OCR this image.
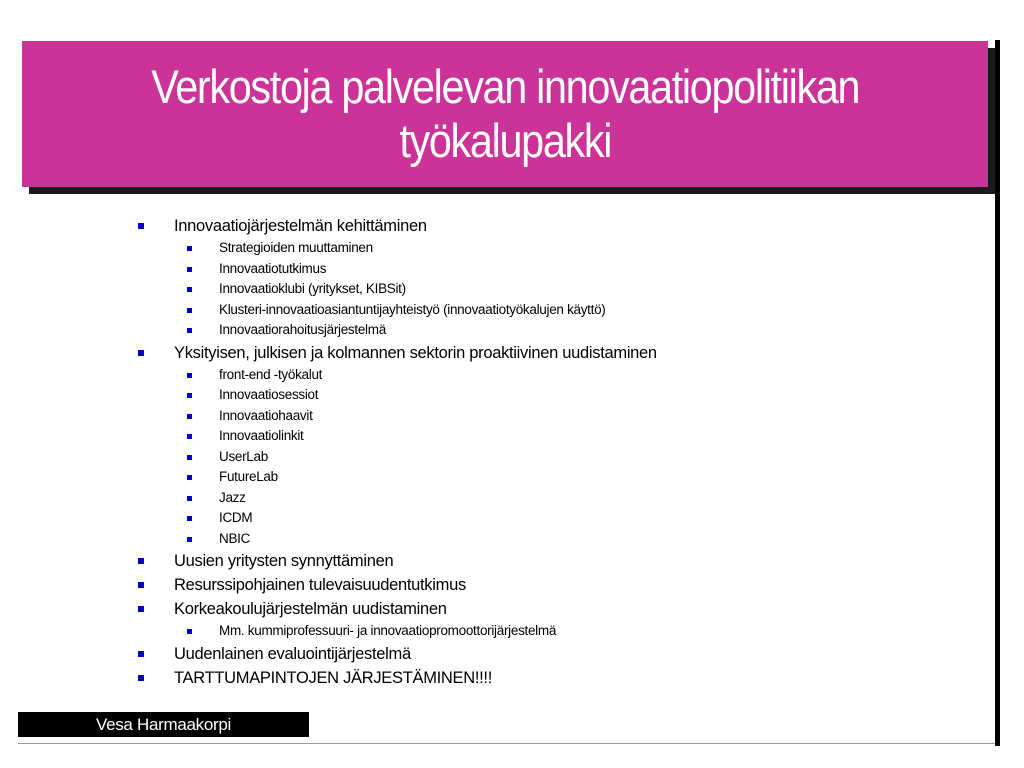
Verkostoja palvelevan innovaatiopolitiikan
työkalupakki
Innovaatiojärjestelmän kehittäminen
Strategioiden muuttaminen
Innovaatiotutkimus
Innovaatioklubi (yritykset, KIBSit)
Klusteri-innovaatioasiantuntijayhteistyö (innovaatiotyökalujen käyttö)
Innovaatiorahoitusjärjestelmä
Yksityisen, julkisen ja kolmannen sektorin proaktiivinen uudistaminen
front-end -työkalut
Innovaatiosessiot
Innovaatiohaavit
Innovaatiolinkit
UserLab
FutureLab
Jazz
ICDM
NBIC
Uusien yritysten synnyttäminen
Resurssipohjainen tulevaisuudentutkimus
Korkeakoulujärjestelmän uudistaminen
Mm. kummiprofessuuri- ja innovaatiopromoottorijärjestelmä
Uudenlainen evaluointijärjestelmä
TARTTUMAPINTOJEN JÄRJESTÄMINEN!!!!
Vesa Harmaakorpi
